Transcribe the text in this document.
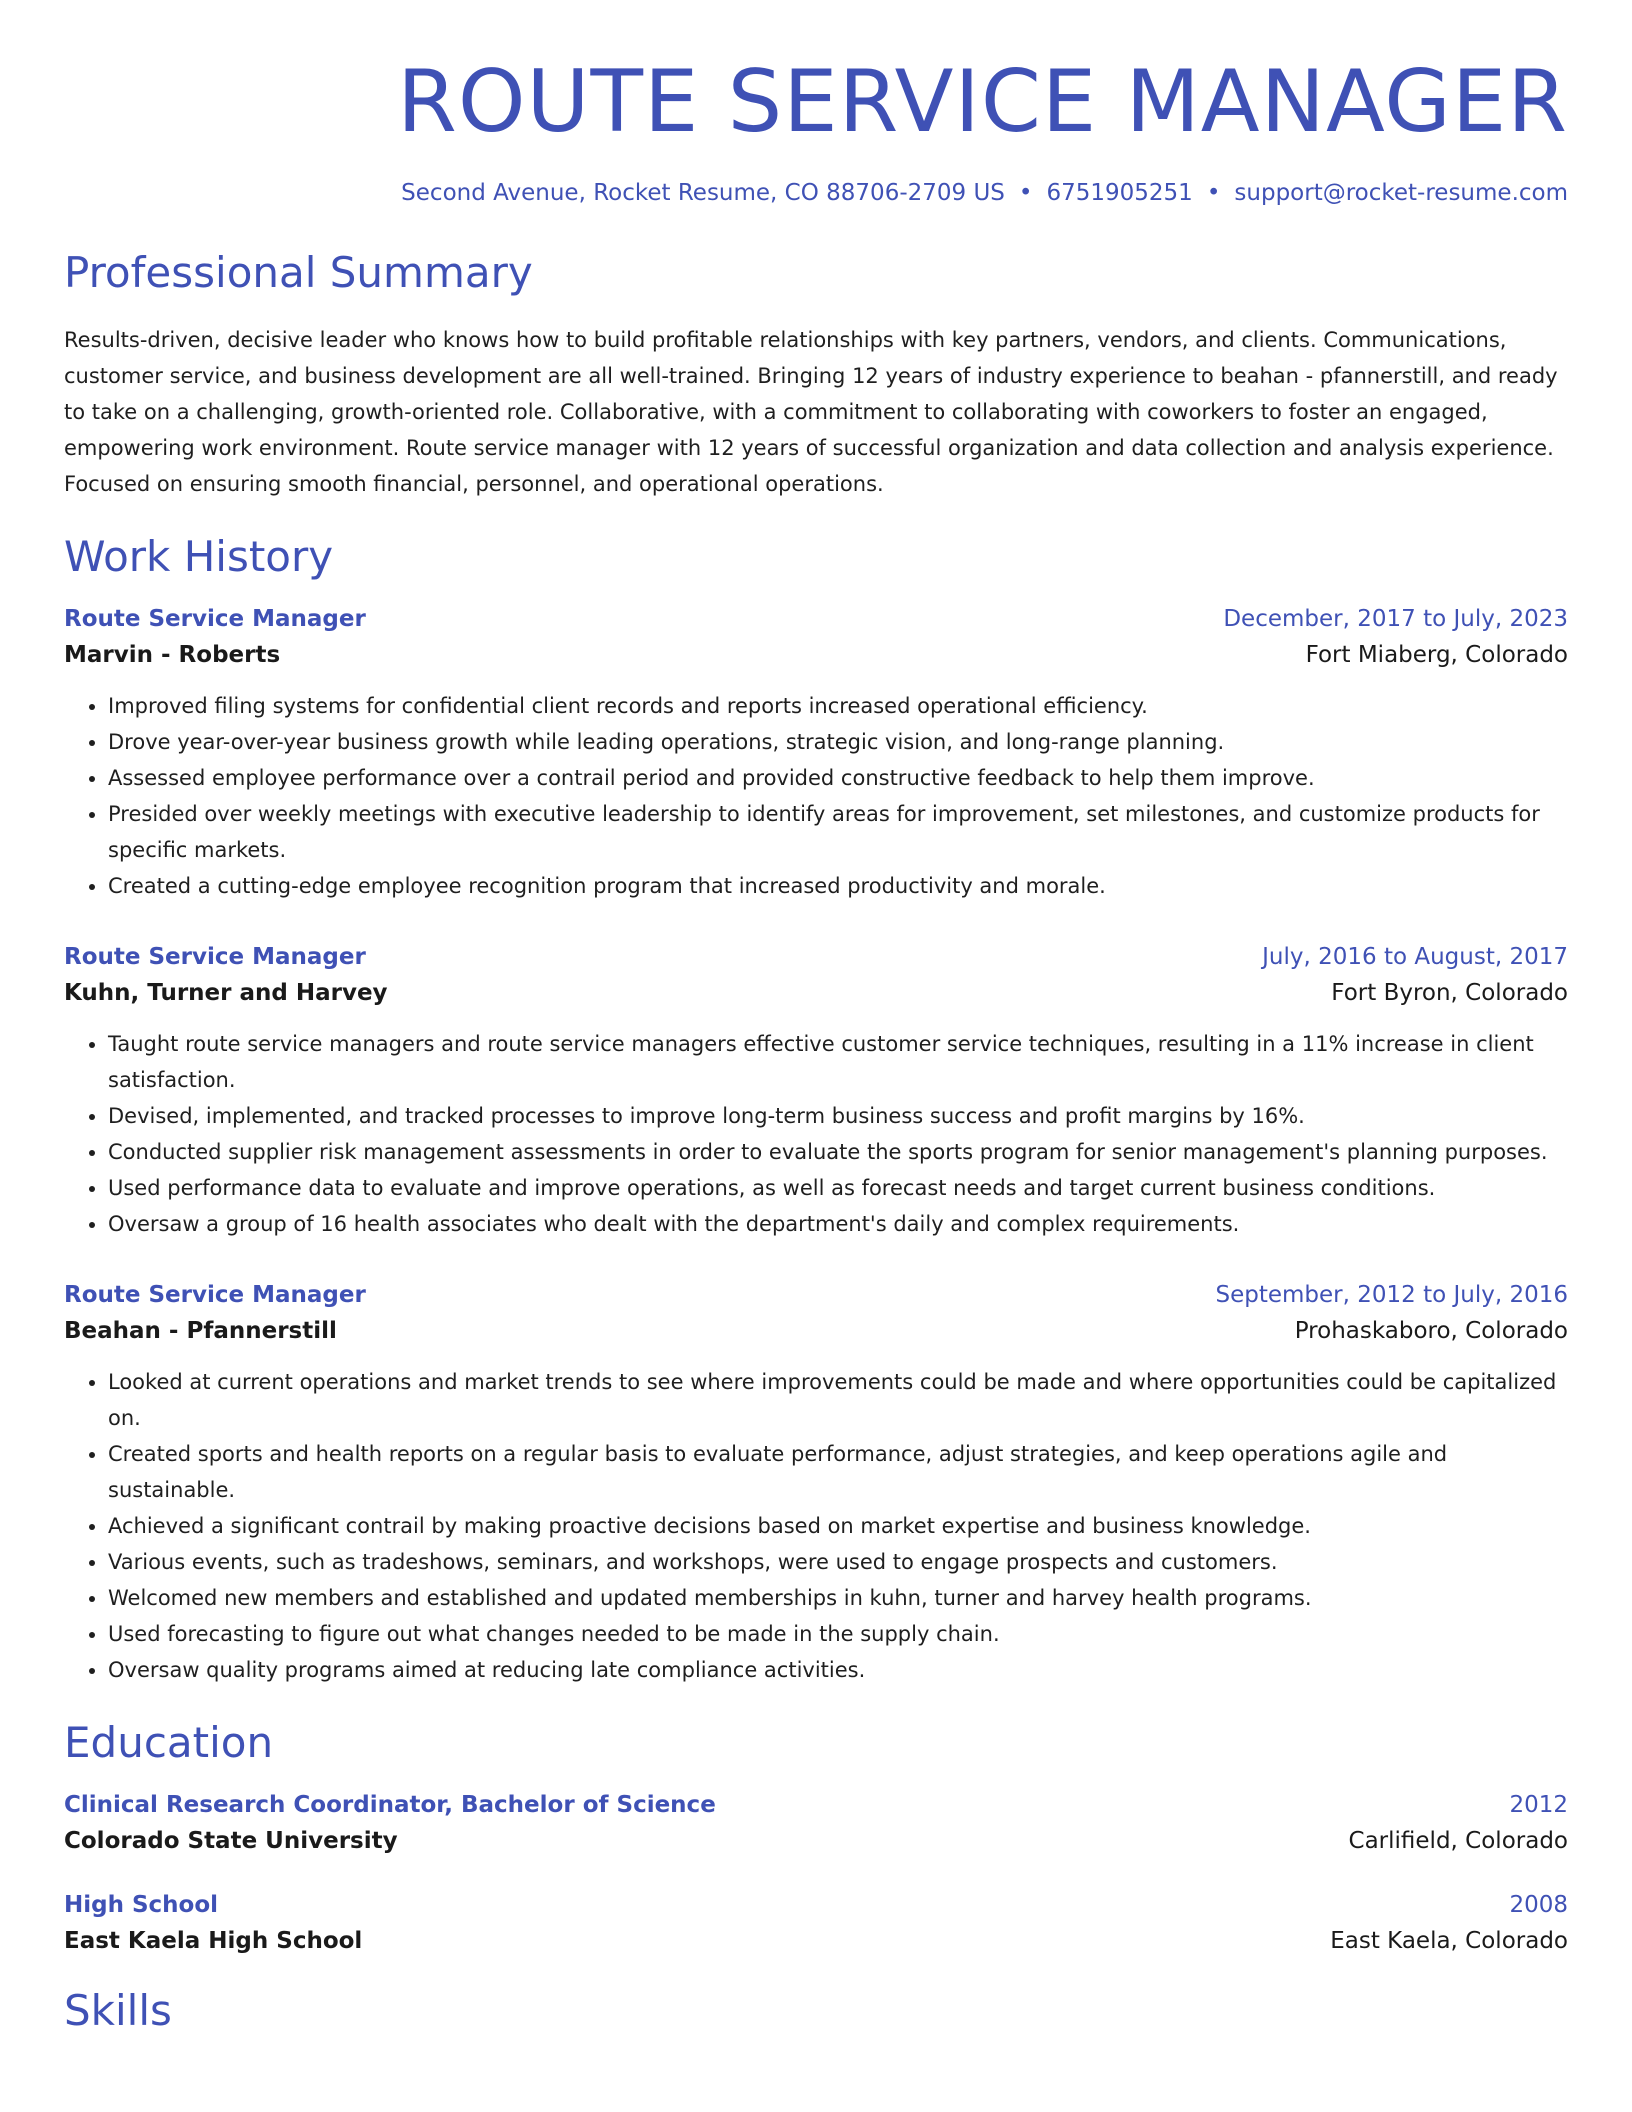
ROUTE SERVICE MANAGER
Second Avenue, Rocket Resume, CO 88706-2709 US • 6751905251 • support@rocket-resume.com
Professional Summary
Results-driven, decisive leader who knows how to build profitable relationships with key partners, vendors, and clients. Communications, customer service, and business development are all well-trained. Bringing 12 years of industry experience to beahan - pfannerstill, and ready to take on a challenging, growth-oriented role. Collaborative, with a commitment to collaborating with coworkers to foster an engaged, empowering work environment. Route service manager with 12 years of successful organization and data collection and analysis experience. Focused on ensuring smooth financial, personnel, and operational operations.
Work History
Route Service Manager	December, 2017 to July, 2023
Marvin - Roberts	Fort Miaberg, Colorado
• Improved filing systems for confidential client records and reports increased operational efficiency.
• Drove year-over-year business growth while leading operations, strategic vision, and long-range planning.
• Assessed employee performance over a contrail period and provided constructive feedback to help them improve.
• Presided over weekly meetings with executive leadership to identify areas for improvement, set milestones, and customize products for specific markets.
• Created a cutting-edge employee recognition program that increased productivity and morale.
Route Service Manager	July, 2016 to August, 2017
Kuhn, Turner and Harvey	Fort Byron, Colorado
• Taught route service managers and route service managers effective customer service techniques, resulting in a 11% increase in client satisfaction.
• Devised, implemented, and tracked processes to improve long-term business success and profit margins by 16%.
• Conducted supplier risk management assessments in order to evaluate the sports program for senior management's planning purposes.
• Used performance data to evaluate and improve operations, as well as forecast needs and target current business conditions.
• Oversaw a group of 16 health associates who dealt with the department's daily and complex requirements.
Route Service Manager	September, 2012 to July, 2016
Beahan - Pfannerstill	Prohaskaboro, Colorado
• Looked at current operations and market trends to see where improvements could be made and where opportunities could be capitalized on.
• Created sports and health reports on a regular basis to evaluate performance, adjust strategies, and keep operations agile and sustainable.
• Achieved a significant contrail by making proactive decisions based on market expertise and business knowledge.
• Various events, such as tradeshows, seminars, and workshops, were used to engage prospects and customers.
• Welcomed new members and established and updated memberships in kuhn, turner and harvey health programs.
• Used forecasting to figure out what changes needed to be made in the supply chain.
• Oversaw quality programs aimed at reducing late compliance activities.
Education
Clinical Research Coordinator, Bachelor of Science	2012
Colorado State University	Carlifield, Colorado
High School	2008
East Kaela High School	East Kaela, Colorado
Skills
